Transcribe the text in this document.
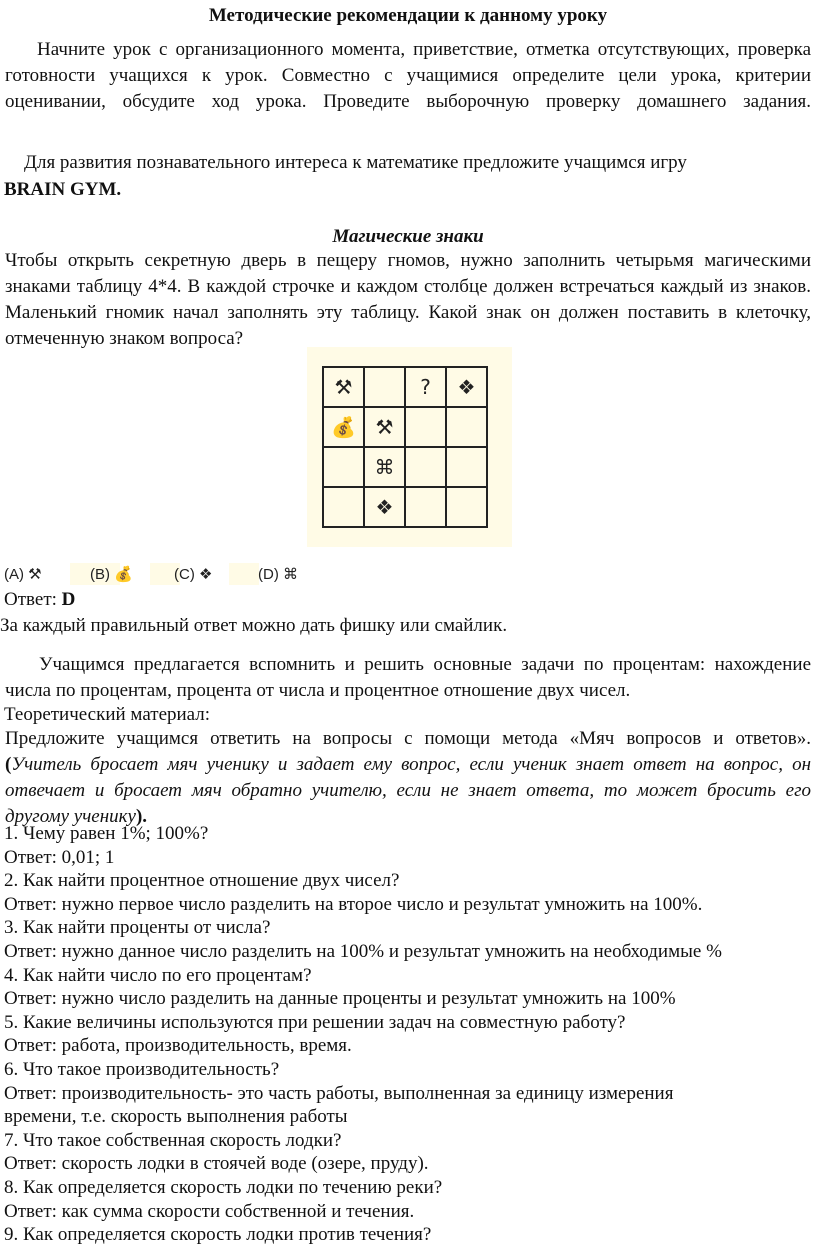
Методические рекомендации к данному уроку
Начните урок с организационного момента, приветствие, отметка отсутствующих, проверка готовности учащихся к урок. Совместно с учащимися определите цели урока, критерии оценивании, обсудите ход урока. Проведите выборочную проверку домашнего задания.
Для развития познавательного интереса к математике предложите учащимся игру
BRAIN GYM.
Магические знаки
Чтобы открыть секретную дверь в пещеру гномов, нужно заполнить четырьмя магическими знаками таблицу 4*4. В каждой строчке и каждом столбце должен встречаться каждый из знаков. Маленький гномик начал заполнять эту таблицу. Какой знак он должен поставить в клеточку, отмеченную знаком вопроса?
⚒		?	❖
💰	⚒		
	⌘		
	❖		
(A) ⚒	(B) 💰	(C) ❖	(D) ⌘
Ответ: D
За каждый правильный ответ можно дать фишку или смайлик.
Учащимся предлагается вспомнить и решить основные задачи по процентам: нахождение числа по процентам, процента от числа и процентное отношение двух чисел.
Теоретический материал:
Предложите учащимся ответить на вопросы с помощи метода «Мяч вопросов и ответов». (Учитель бросает мяч ученику и задает ему вопрос, если ученик знает ответ на вопрос, он отвечает и бросает мяч обратно учителю, если не знает ответа, то может бросить его другому ученику).
1. Чему равен 1%; 100%?
Ответ: 0,01; 1
2. Как найти процентное отношение двух чисел?
Ответ: нужно первое число разделить на второе число и результат умножить на 100%.
3. Как найти проценты от числа?
Ответ: нужно данное число разделить на 100% и результат умножить на необходимые %
4. Как найти число по его процентам?
Ответ: нужно число разделить на данные проценты и результат умножить на 100%
5. Какие величины используются при решении задач на совместную работу?
Ответ: работа, производительность, время.
6. Что такое производительность?
Ответ: производительность- это часть работы, выполненная за единицу измерения
времени, т.е. скорость выполнения работы
7. Что такое собственная скорость лодки?
Ответ: скорость лодки в стоячей воде (озере, пруду).
8. Как определяется скорость лодки по течению реки?
Ответ: как сумма скорости собственной и течения.
9. Как определяется скорость лодки против течения?
